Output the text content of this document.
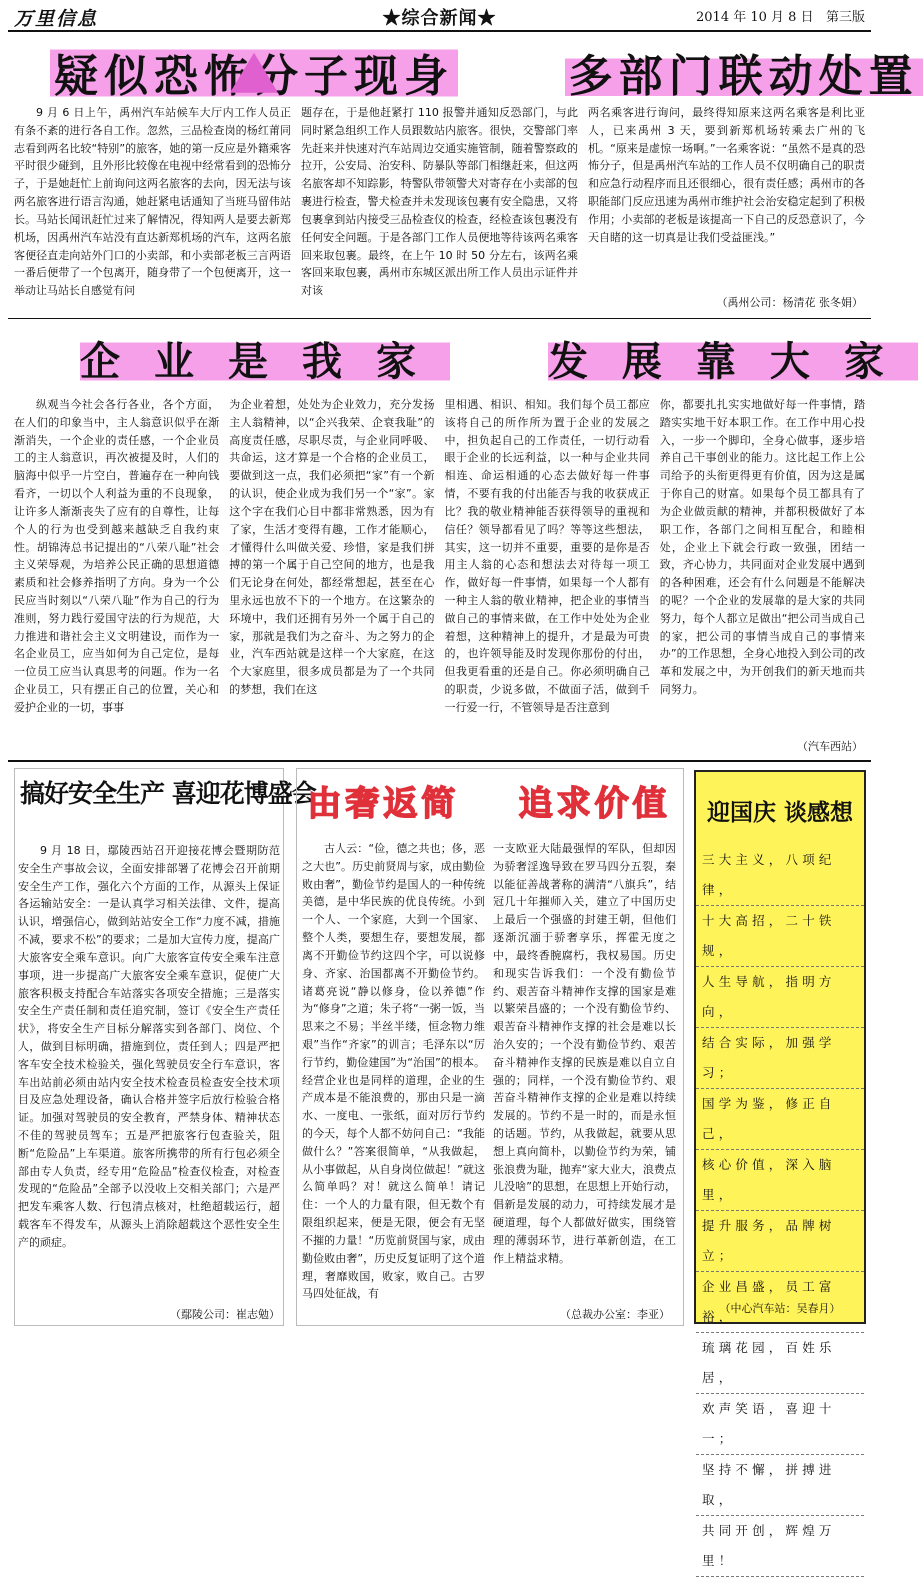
万里信息	★综合新闻★	2014 年 10 月 8 日 第三版
疑似恐怖分子现身	多部门联动处置

9 月 6 日上午，禹州汽车站候车大厅内工作人员正有条不紊的进行各自工作。忽然，三品检查岗的杨红莆同志看到两名比较“特别”的旅客，她的第一反应是外籍乘客平时很少碰到，且外形比较像在电视中经常看到的恐怖分子，于是她赶忙上前询问这两名旅客的去向，因无法与该两名旅客进行语言沟通，她赶紧电话通知了当班马留伟站长。马站长闻讯赶忙过来了解情况，得知两人是要去新郑机场，因禹州汽车站没有直达新郑机场的汽车，这两名旅客便径直走向站外门口的小卖部，和小卖部老板三言两语一番后便带了一个包离开，随身带了一个包便离开，这一举动让马站长自感觉有问

题存在，于是他赶紧打 110 报警并通知反恐部门，与此同时紧急组织工作人员跟数站内旅客。很快，交警部门率先赶来并快速对汽车站周边交通实施管制，随着警察政的拉开，公安局、治安科、防暴队等部门相继赶来，但这两名旅客却不知踪影，特警队带领警犬对寄存在小卖部的包裹进行检查，警犬检查并未发现该包裹有安全隐患，又将包裹拿到站内接受三品检查仪的检查，经检查该包裹没有任何安全问题。于是各部门工作人员便地等待该两名乘客回来取包裹。最终，在上午 10 时 50 分左右，该两名乘客回来取包裹，禹州市东城区派出所工作人员出示证件并对该

两名乘客进行询问，最终得知原来这两名乘客是利比亚人，已来禹州 3 天，要到新郑机场转乘去广州的飞机。“原来是虚惊一场啊。”一名乘客说：“虽然不是真的恐怖分子，但是禹州汽车站的工作人员不仅明确自己的职责和应急行动程序而且还很细心，很有责任感；禹州市的各职能部门反应迅速为禹州市维护社会治安稳定起到了积极作用；小卖部的老板是该提高一下自己的反恐意识了，今天自睹的这一切真是让我们受益匪浅。”

（禹州公司：杨清花 张冬娟）
企业是我家 发展靠大家

纵观当今社会各行各业，各个方面，在人们的印象当中，主人翁意识似乎在渐渐消失，一个企业的责任感，一个企业员工的主人翁意识，再次被提及时，人们的脑海中似乎一片空白，普遍存在一种向钱看齐，一切以个人利益为重的不良现象，让许多人渐渐丧失了应有的自尊性，让每个人的行为也受到越来越缺乏自我约束性。胡锦涛总书记提出的“八荣八耻”社会主义荣辱观，为培养公民正确的思想道德素质和社会修养指明了方向。身为一个公民应当时刻以“八荣八耻”作为自己的行为准则，努力践行爱国守法的行为规范，大力推进和谐社会主义文明建设，而作为一名企业员工，应当如何为自己定位，是每一位员工应当认真思考的问题。作为一名企业员工，只有摆正自己的位置，关心和爱护企业的一切，事事

为企业着想，处处为企业效力，充分发扬主人翁精神，以“企兴我荣、企衰我耻”的高度责任感，尽职尽责，与企业同呼吸、共命运，这才算是一个合格的企业员工，要做到这一点，我们必须把“家”有一个新的认识，使企业成为我们另一个“家”。家这个字在我们心目中都非常熟悉，因为有了家，生活才变得有趣，工作才能顺心，才懂得什么叫做关爱、珍惜，家是我们拼搏的第一个属于自己空间的地方，也是我们无论身在何处，都经常想起，甚至在心里永远也放不下的一个地方。在这繁杂的环境中，我们还拥有另外一个属于自己的家，那就是我们为之奋斗、为之努力的企业，汽车西站就是这样一个大家庭，在这个大家庭里，很多成员都是为了一个共同的梦想，我们在这

里相遇、相识、相知。我们每个员工都应该将自己的所作所为置于企业的发展之中，担负起自己的工作责任，一切行动看眼于企业的长远利益，以一种与企业共同相连、命运相通的心态去做好每一件事情，不要有我的付出能否与我的收获成正比？我的敬业精神能否获得领导的重视和信任？领导都看见了吗？等等这些想法，其实，这一切并不重要，重要的是你是否用主人翁的心态和想法去对待每一项工作，做好每一件事情，如果每一个人都有一种主人翁的敬业精神，把企业的事情当做自己的事情来做，在工作中处处为企业着想，这种精神上的提升，才是最为可贵的，也许领导能及时发现你那份的付出，但我更看重的还是自己。你必须明确自己的职责，少说多做，不做面子活，做到千一行爱一行，不管领导是否注意到

你，都要扎扎实实地做好每一件事情，踏踏实实地干好本职工作。在工作中用心投入，一步一个脚印，全身心做事，逐步培养自己干事创业的能力。这比起工作上公司给予的头衔更得更有价值，因为这是属于你自己的财富。如果每个员工都具有了为企业做贡献的精神，并都积极做好了本职工作，各部门之间相互配合，和睦相处，企业上下就会行政一致强，团结一致，齐心协力，共同面对企业发展中遇到的各种困难，还会有什么问题是不能解决的呢？一个企业的发展靠的是大家的共同努力，每个人都立足做出“把公司当成自己的家，把公司的事情当成自己的事情来办”的工作思想，全身心地投入到公司的改革和发展之中，为开创我们的新天地而共同努力。

（汽车西站）
搞好安全生产 喜迎花博盛会

9 月 18 日，鄢陵西站召开迎接花博会暨期防范安全生产事故会议，全面安排部署了花博会召开前期安全生产工作，强化六个方面的工作，从源头上保证各运输站安全：一是认真学习相关法律、文件，提高认识，增强信心，做到站站安全工作“力度不减，措施不减，要求不松”的要求；二是加大宣传力度，提高广大旅客安全乘车意识。向广大旅客宣传安全乘车注意事项，进一步提高广大旅客安全乘车意识，促使广大旅客积极支持配合车站落实各项安全措施；三是落实安全生产责任制和责任追究制，签订《安全生产责任状》，将安全生产目标分解落实到各部门、岗位、个人，做到目标明确，措施到位，责任到人；四是严把客车安全技术检验关，强化驾驶员安全行车意识，客车出站前必须由站内安全技术检查员检查安全技术项目及应急处理设备，确认合格并签字后放行检验合格证。加强对驾驶员的安全教育，严禁身体、精神状态不佳的驾驶员驾车；五是严把旅客行包查验关，阻断“危险品”上车渠道。旅客所携带的所有行包必须全部由专人负责，经专用“危险品”检查仪检查，对检查发现的“危险品”全部予以没收上交相关部门；六是严把发车乘客人数、行包清点核对，杜绝超载运行，超载客车不得发车，从源头上消除超载这个恶性安全生产的顽症。

（鄢陵公司：崔志勉）
由奢返简 追求价值

古人云：“俭，德之共也；侈，恶之大也”。历史前贤周与家，成由勤俭败由奢”，勤俭节约是国人的一种传统美德，是中华民族的优良传统。小到一个人、一个家庭，大到一个国家、整个人类，要想生存，要想发展，都离不开勤俭节约这四个字，可以说修身、齐家、治国都离不开勤俭节约。诸葛亮说“静以修身，俭以养德”作为“修身”之道；朱子将“一粥一饭，当思来之不易；半丝半缕，恒念物力维艰”当作“齐家”的训言；毛泽东以“厉行节约，勤俭建国”为“治国”的根本。经营企业也是同样的道理，企业的生产成本是不能浪费的，那由只是一滴水、一度电、一张纸，面对厉行节约的今天，每个人都不妨问自己：“我能做什么？”答案很简单，“从我做起，从小事做起，从自身岗位做起！”就这么简单吗？对！就这么简单！请记住：一个人的力量有限，但无数个有限组织起来，便是无限，便会有无坚不摧的力量！“历览前贤国与家，成由勤俭败由奢”，历史反复证明了这个道理，奢靡败国，败家，败自己。古罗马四处征战，有

一支欧亚大陆最强悍的军队，但却因为骄奢淫逸导致在罗马四分五裂，秦以能征善战著称的满清“八旗兵”，结冠几十年摧师入关，建立了中国历史上最后一个强盛的封建王朝，但他们逐渐沉湎于骄奢享乐，挥霍无度之中，最终香腕腐朽，我权易国。历史和现实告诉我们：一个没有勤俭节约、艰苦奋斗精神作支撑的国家是难以繁荣昌盛的；一个没有勤俭节约、艰苦奋斗精神作支撑的社会是难以长治久安的；一个没有勤俭节约、艰苦奋斗精神作支撑的民族是难以自立自强的；同样，一个没有勤俭节约、艰苦奋斗精神作支撑的企业是难以持续发展的。节约不是一时的，而是永恒的话题。节约，从我做起，就要从思想上真向简朴，以勤俭节约为荣，铺张浪费为耻，抛弃“家大业大，浪费点儿没啥”的思想，在思想上开始行动，倡新是发展的动力，可持续发展才是硬道理，每个人都做好做实，围绕管理的薄弱环节，进行革新创造，在工作上精益求精。

（总裁办公室：李亚）
迎国庆 谈感想
三大主义，八项纪律，
十大高招，二十铁规，
人生导航，指明方向，
结合实际，加强学习；
国学为鉴，修正自己，
核心价值，深入脑里，
提升服务，品牌树立；
企业昌盛，员工富裕，
琉璃花园，百姓乐居，
欢声笑语，喜迎十一；
坚持不懈，拼搏进取，
共同开创，辉煌万里！
（中心汽车站：吴春月）
